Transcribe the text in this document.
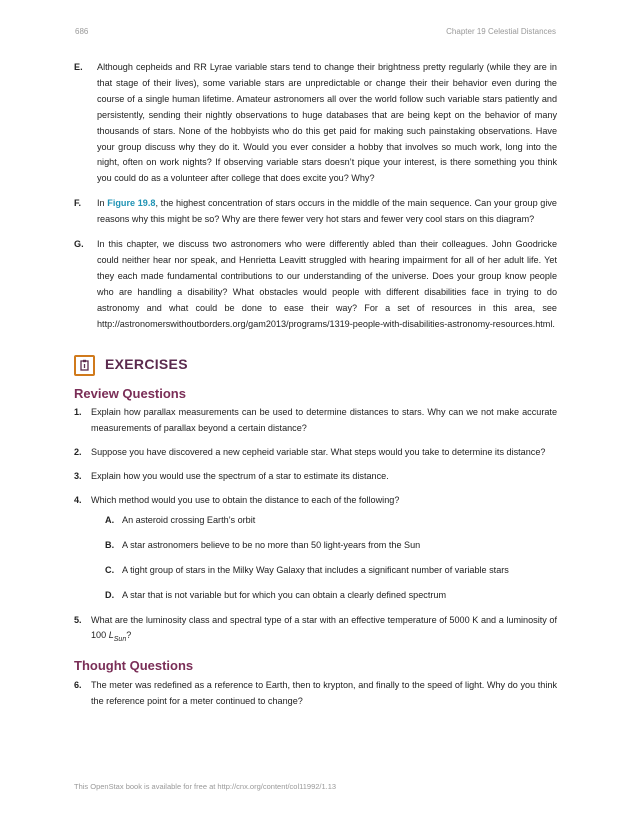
686	Chapter 19 Celestial Distances
E. Although cepheids and RR Lyrae variable stars tend to change their brightness pretty regularly (while they are in that stage of their lives), some variable stars are unpredictable or change their their behavior even during the course of a single human lifetime. Amateur astronomers all over the world follow such variable stars patiently and persistently, sending their nightly observations to huge databases that are being kept on the behavior of many thousands of stars. None of the hobbyists who do this get paid for making such painstaking observations. Have your group discuss why they do it. Would you ever consider a hobby that involves so much work, long into the night, often on work nights? If observing variable stars doesn’t pique your interest, is there something you think you could do as a volunteer after college that does excite you? Why?
F. In Figure 19.8, the highest concentration of stars occurs in the middle of the main sequence. Can your group give reasons why this might be so? Why are there fewer very hot stars and fewer very cool stars on this diagram?
G. In this chapter, we discuss two astronomers who were differently abled than their colleagues. John Goodricke could neither hear nor speak, and Henrietta Leavitt struggled with hearing impairment for all of her adult life. Yet they each made fundamental contributions to our understanding of the universe. Does your group know people who are handling a disability? What obstacles would people with different disabilities face in trying to do astronomy and what could be done to ease their way? For a set of resources in this area, see http://astronomerswithoutborders.org/gam2013/programs/1319-people-with-disabilities-astronomy-resources.html.
EXERCISES
Review Questions
1. Explain how parallax measurements can be used to determine distances to stars. Why can we not make accurate measurements of parallax beyond a certain distance?
2. Suppose you have discovered a new cepheid variable star. What steps would you take to determine its distance?
3. Explain how you would use the spectrum of a star to estimate its distance.
4. Which method would you use to obtain the distance to each of the following?
A. An asteroid crossing Earth’s orbit
B. A star astronomers believe to be no more than 50 light-years from the Sun
C. A tight group of stars in the Milky Way Galaxy that includes a significant number of variable stars
D. A star that is not variable but for which you can obtain a clearly defined spectrum
5. What are the luminosity class and spectral type of a star with an effective temperature of 5000 K and a luminosity of 100 $L_{Sun}$?
Thought Questions
6. The meter was redefined as a reference to Earth, then to krypton, and finally to the speed of light. Why do you think the reference point for a meter continued to change?
This OpenStax book is available for free at http://cnx.org/content/col11992/1.13
